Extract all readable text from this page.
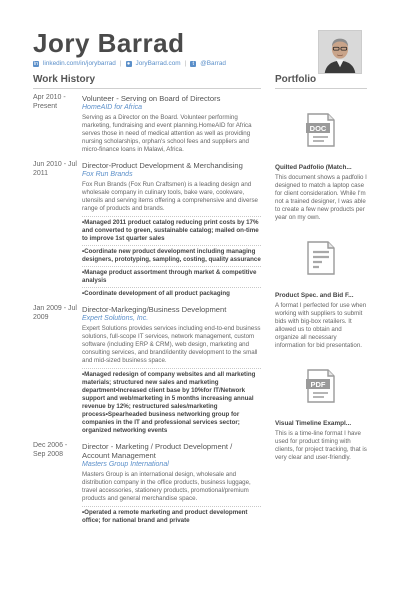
Jory Barrad
in linkedin.com/in/jorybarrad | ● JoryBarrad.com |	t @Barrad
Work History	Portfolio
Apr 2010 - Present
Volunteer - Serving on Board of Directors
HomeAID for Africa
Serving as a Director on the Board. Volunteer performing marketing, fundraising and event planning.HomeAID for Africa serves those in need of medical attention as well as providing nursing scholarships, orphan's school fees and suppliers and micro-finance loans in Malawi, Africa.
Jun 2010 - Jul 2011
Director-Product Development & Merchandising
Fox Run Brands
Fox Run Brands (Fox Run Craftsmen) is a leading design and wholesale company in culinary tools, bake ware, cookware, utensils and serving items offering a comprehensive and diverse range of products and brands.
•Managed 2011 product catalog reducing print costs by 17% and converted to green, sustainable catalog; mailed on-time to improve 1st quarter sales
•Coordinate new product development including managing designers, prototyping, sampling, costing, quality assurance
•Manage product assortment through market & competitive analysis
•Coordinate development of all product packaging
Jan 2009 - Jul 2009
Director-Markeging/Business Development
Expert Solutions, Inc.
Expert Solutions provides services including end-to-end business solutions, full-scope IT services, network management, custom software (including ERP & CRM), web design, marketing and consulting services, and brand/identity development to the small and mid-sized business space.
•Managed redesign of company websites and all marketing materials; structured new sales and marketing department•Increased client base by 10%for IT/Network support and web/marketing in 5 months increasing annual revenue by 12%; restructured sales/marketing process•Spearheaded business networking group for companies in the IT and professional services sector; organized networking events
Dec 2006 - Sep 2008
Director - Marketing / Product Development / Account Management
Masters Group International
Masters Group is an international design, wholesale and distribution company in the office products, business luggage, travel accessories, stationery products, promotional/premium products and general merchandise space.
•Operated a remote marketing and product development office; for national brand and private
DOC
Quilted Padfolio (Match...
This document shows a padfolio I designed to match a laptop case for client consideration. While I'm not a trained designer, I was able to create a few new products per year on my own.
Product Spec. and Bid F...
A format I perfected for use when working with suppliers to submit bids with big-box retailers. It allowed us to obtain and organize all necessary information for bid presentation.
PDF
Visual Timeline Exampl...
This is a time-line format I have used for product timing with clients, for project tracking, that is very clear and user-friendly.
